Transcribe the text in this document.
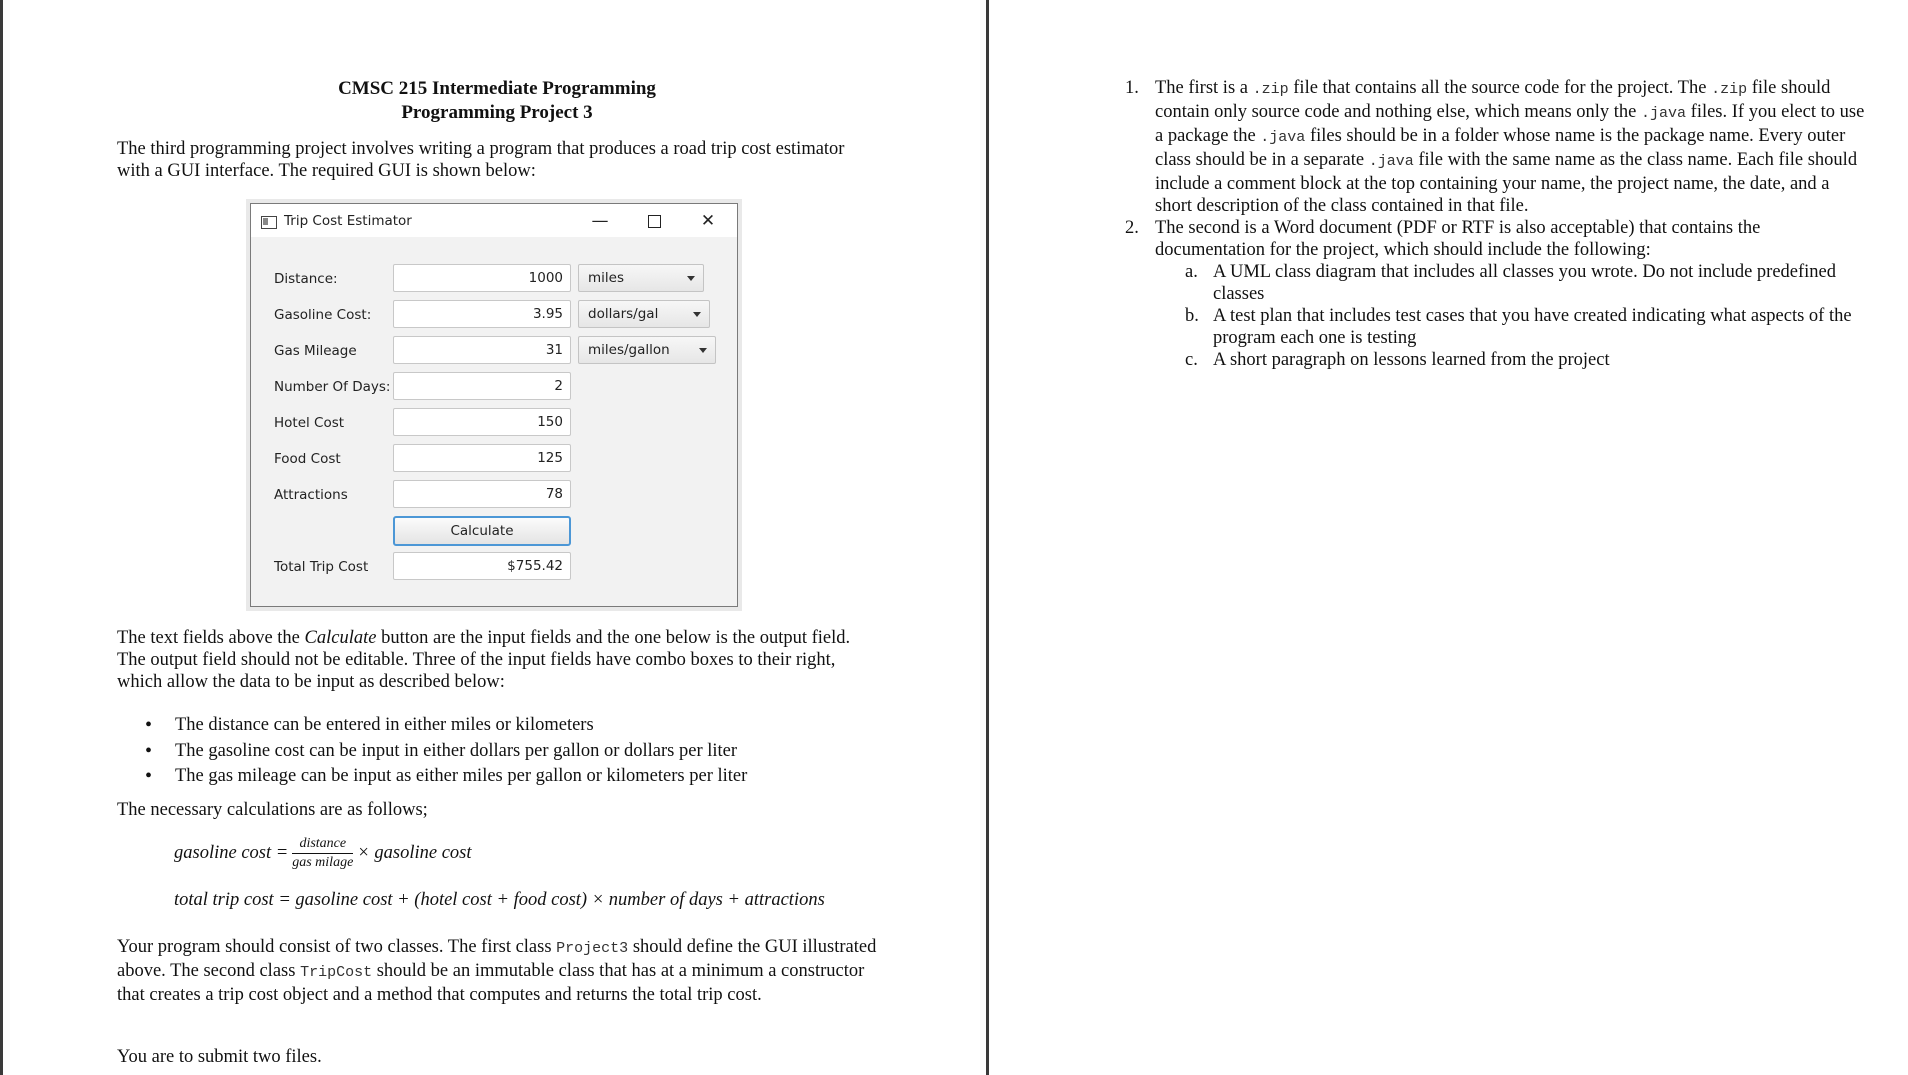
CMSC 215 Intermediate Programming
Programming Project 3

The third programming project involves writing a program that produces a road trip cost estimator with a GUI interface. The required GUI is shown below:

The text fields above the Calculate button are the input fields and the one below is the output field. The output field should not be editable. Three of the input fields have combo boxes to their right, which allow the data to be input as described below:

• The distance can be entered in either miles or kilometers
• The gasoline cost can be input in either dollars per gallon or dollars per liter
• The gas mileage can be input as either miles per gallon or kilometers per liter

The necessary calculations are as follows;

gasoline $\cos t = \frac{\text{distance}}{\text{gas milage}}$ × gasoline cost
total trip cost = gasoline cost + (hotel cost + food cost) × number of days + attractions

Your program should consist of two classes. The first class Project3 should define the GUI illustrated above. The second class TripCost should be an immutable class that has at a minimum a constructor that creates a trip cost object and a method that computes and returns the total trip cost.

You are to submit two files.

Trip Cost Estimator	—	✕
Distance:	1000	miles
Gasoline Cost:	3.95	dollars/gal
Gas Mileage	31	miles/gallon
Number Of Days:	2
Hotel Cost	150
Food Cost	125
Attractions	78
Calculate
Total Trip Cost	$755.42
1. The first is a .zip file that contains all the source code for the project. The .zip file should contain only source code and nothing else, which means only the .java files. If you elect to use a package the .java files should be in a folder whose name is the package name. Every outer class should be in a separate .java file with the same name as the class name. Each file should include a comment block at the top containing your name, the project name, the date, and a short description of the class contained in that file.
2. The second is a Word document (PDF or RTF is also acceptable) that contains the documentation for the project, which should include the following:
a. A UML class diagram that includes all classes you wrote. Do not include predefined classes
b. A test plan that includes test cases that you have created indicating what aspects of the program each one is testing
c. A short paragraph on lessons learned from the project
